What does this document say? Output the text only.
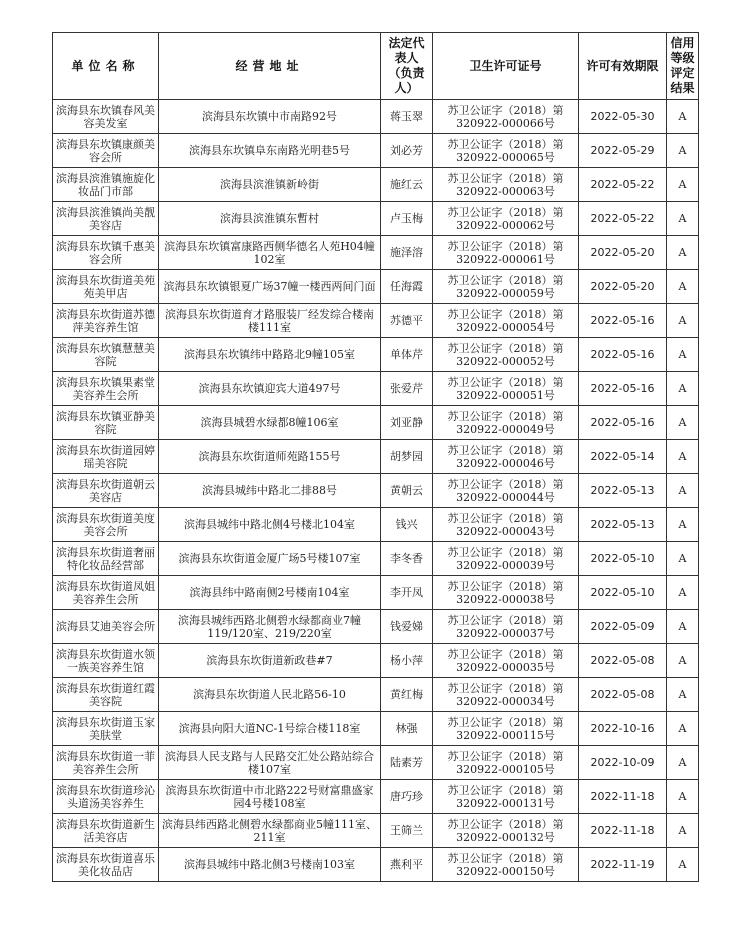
单位名称	经营地址	法定代表人（负责人）	卫生许可证号	许可有效期限	信用等级评定结果
滨海县东坎镇春风美容美发室	滨海县东坎镇中市南路92号	蒋玉翠	苏卫公证字（2018）第320922-000066号	2022-05-30	A
滨海县东坎镇康颜美容会所	滨海县东坎镇阜东南路光明巷5号	刘必芳	苏卫公证字（2018）第320922-000065号	2022-05-29	A
滨海县滨淮镇施旋化妆品门市部	滨海县滨淮镇新岭街	施红云	苏卫公证字（2018）第320922-000063号	2022-05-22	A
滨海县滨淮镇尚美靓美容店	滨海县滨淮镇东暫村	卢玉梅	苏卫公证字（2018）第320922-000062号	2022-05-22	A
滨海县东坎镇千惠美容会所	滨海县东坎镇富康路西侧华德名人苑H04幢102室	施泽溶	苏卫公证字（2018）第320922-000061号	2022-05-20	A
滨海县东坎街道美苑苑美甲店	滨海县东坎镇银夏广场37幢一楼西两间门面	任海霞	苏卫公证字（2018）第320922-000059号	2022-05-20	A
滨海县东坎街道苏德萍美容养生馆	滨海县东坎街道育才路服装厂经发综合楼南楼111室	苏德平	苏卫公证字（2018）第320922-000054号	2022-05-16	A
滨海县东坎镇慧慧美容院	滨海县东坎镇纬中路路北9幢105室	单体芹	苏卫公证字（2018）第320922-000052号	2022-05-16	A
滨海县东坎镇果素堂美容养生会所	滨海县东坎镇迎宾大道497号	张爱芹	苏卫公证字（2018）第320922-000051号	2022-05-16	A
滨海县东坎镇亚静美容院	滨海县城碧水绿都8幢106室	刘亚静	苏卫公证字（2018）第320922-000049号	2022-05-16	A
滨海县东坎街道园婷瑶美容院	滨海县东坎街道师苑路155号	胡梦园	苏卫公证字（2018）第320922-000046号	2022-05-14	A
滨海县东坎街道朝云美容店	滨海县城纬中路北二排88号	黄朝云	苏卫公证字（2018）第320922-000044号	2022-05-13	A
滨海县东坎街道美度美容会所	滨海县城纬中路北侧4号楼北104室	钱兴	苏卫公证字（2018）第320922-000043号	2022-05-13	A
滨海县东坎街道奢丽特化妆品经营部	滨海县东坎街道金厦广场5号楼107室	李冬香	苏卫公证字（2018）第320922-000039号	2022-05-10	A
滨海县东坎街道凤姐美容养生会所	滨海县纬中路南侧2号楼南104室	李开凤	苏卫公证字（2018）第320922-000038号	2022-05-10	A
滨海县艾迪美容会所	滨海县城纬西路北侧碧水绿都商业7幢119/120室、219/220室	钱爱娣	苏卫公证字（2018）第320922-000037号	2022-05-09	A
滨海县东坎街道水领一族美容养生馆	滨海县东坎街道新政巷#7	杨小萍	苏卫公证字（2018）第320922-000035号	2022-05-08	A
滨海县东坎街道红霞美容院	滨海县东坎街道人民北路56-10	黄红梅	苏卫公证字（2018）第320922-000034号	2022-05-08	A
滨海县东坎街道玉家美肤堂	滨海县向阳大道NC-1号综合楼118室	林强	苏卫公证字（2018）第320922-000115号	2022-10-16	A
滨海县东坎街道一菲美容养生会所	滨海县人民支路与人民路交汇处公路站综合楼107室	陆素芳	苏卫公证字（2018）第320922-000105号	2022-10-09	A
滨海县东坎街道珍沁头道汤美容养生	滨海县东坎街道中市北路222号财富鼎盛家园4号楼108室	唐巧珍	苏卫公证字（2018）第320922-000131号	2022-11-18	A
滨海县东坎街道新生活美容店	滨海县纬西路北侧碧水绿都商业5幢111室、211室	王筛兰	苏卫公证字（2018）第320922-000132号	2022-11-18	A
滨海县东坎街道喜乐美化妆品店	滨海县城纬中路北侧3号楼南103室	燕利平	苏卫公证字（2018）第320922-000150号	2022-11-19	A
